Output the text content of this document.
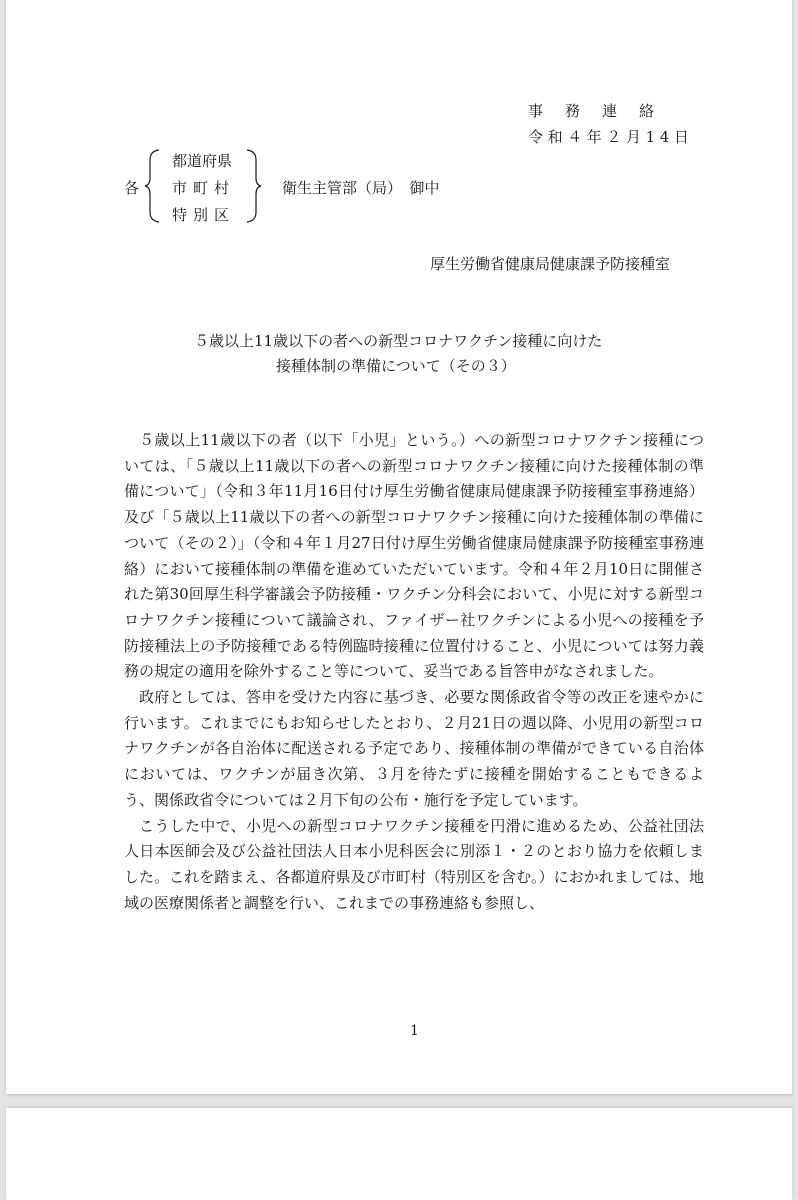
事務連絡
令和４年２月14日
各
都道府県
市町村
特別区
衛生主管部（局）　御中
厚生労働省健康局健康課予防接種室
５歳以上11歳以下の者への新型コロナワクチン接種に向けた
接種体制の準備について（その３）

５歳以上11歳以下の者（以下「小児」という。）への新型コロナワクチン接種については、「５歳以上11歳以下の者への新型コロナワクチン接種に向けた接種体制の準備について」（令和３年11月16日付け厚生労働省健康局健康課予防接種室事務連絡）及び「５歳以上11歳以下の者への新型コロナワクチン接種に向けた接種体制の準備について（その２）」（令和４年１月27日付け厚生労働省健康局健康課予防接種室事務連絡）において接種体制の準備を進めていただいています。令和４年２月10日に開催された第30回厚生科学審議会予防接種・ワクチン分科会において、小児に対する新型コロナワクチン接種について議論され、ファイザー社ワクチンによる小児への接種を予防接種法上の予防接種である特例臨時接種に位置付けること、小児については努力義務の規定の適用を除外すること等について、妥当である旨答申がなされました。

政府としては、答申を受けた内容に基づき、必要な関係政省令等の改正を速やかに行います。これまでにもお知らせしたとおり、２月21日の週以降、小児用の新型コロナワクチンが各自治体に配送される予定であり、接種体制の準備ができている自治体においては、ワクチンが届き次第、３月を待たずに接種を開始することもできるよう、関係政省令については２月下旬の公布・施行を予定しています。

こうした中で、小児への新型コロナワクチン接種を円滑に進めるため、公益社団法人日本医師会及び公益社団法人日本小児科医会に別添１・２のとおり協力を依頼しました。これを踏まえ、各都道府県及び市町村（特別区を含む。）におかれましては、地域の医療関係者と調整を行い、これまでの事務連絡も参照し、

1
